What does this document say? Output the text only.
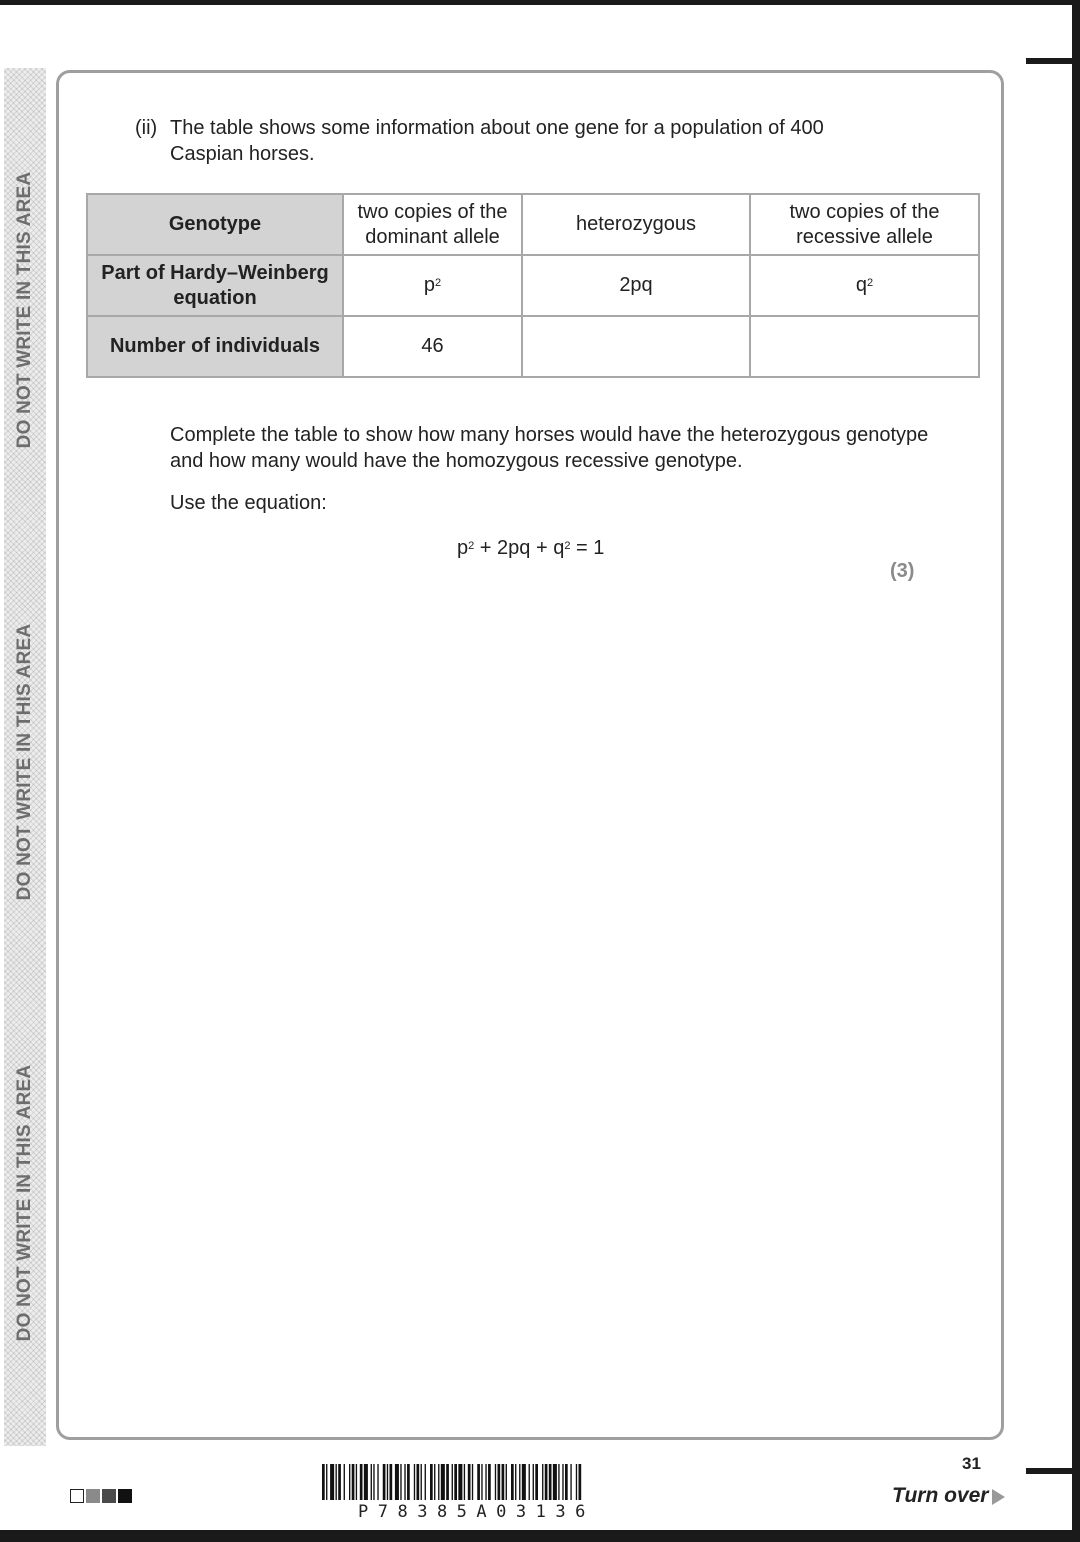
DO NOT WRITE IN THIS AREA
DO NOT WRITE IN THIS AREA
DO NOT WRITE IN THIS AREA
(ii) The table shows some information about one gene for a population of 400 Caspian horses.
Genotype	two copies of the dominant allele	heterozygous	two copies of the recessive allele
Part of Hardy–Weinberg equation	$p^2$	2pq	$q^2$
Number of individuals	46		
Complete the table to show how many horses would have the heterozygous genotype and how many would have the homozygous recessive genotype.
Use the equation:
$p^2 + 2pq + q^2 = 1$
(3)
P78385A03136
31
Turn over
